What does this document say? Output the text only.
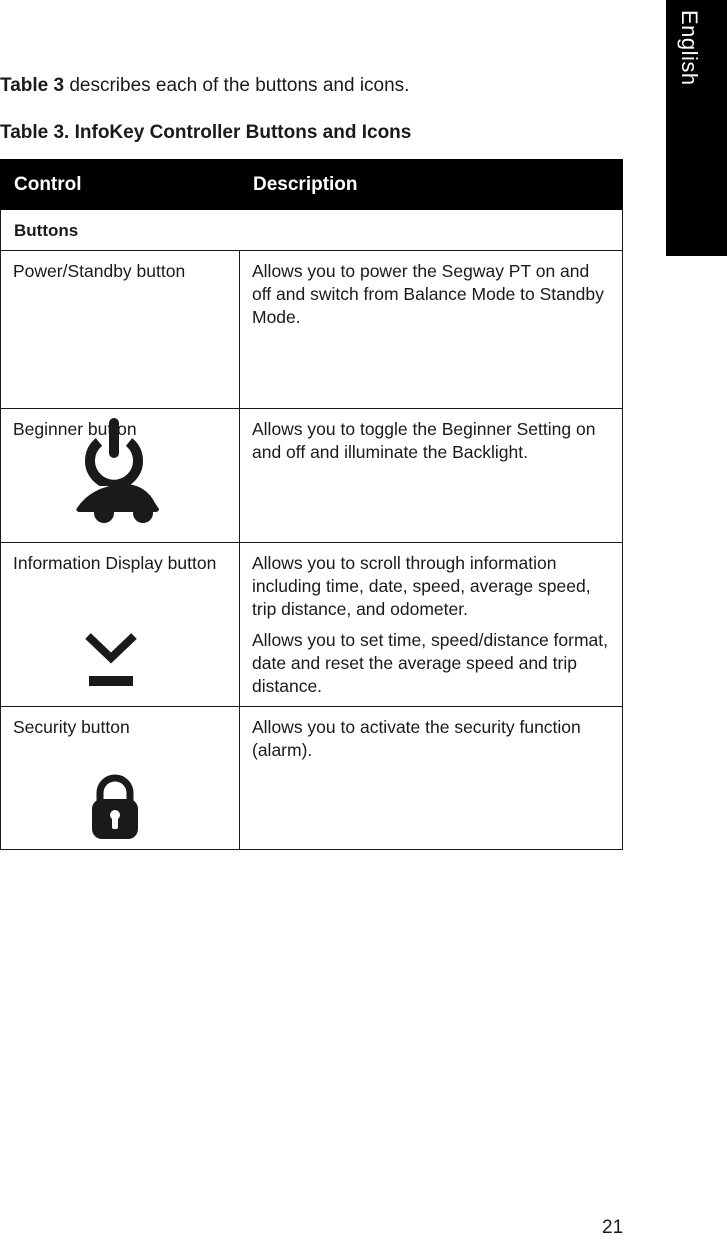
English

Table 3 describes each of the buttons and icons.

Table 3. InfoKey Controller Buttons and Icons

Control	Description
Buttons	
Power/Standby button	Allows you to power the Segway PT on and off and switch from Balance Mode to Standby Mode.

Beginner button	Allows you to toggle the Beginner Setting on and off and illuminate the Backlight.

Information Display button	Allows you to scroll through information including time, date, speed, average speed, trip distance, and odometer.

Allows you to set time, speed/distance format, date and reset the average speed and trip distance.

Security button	Allows you to activate the security function (alarm).

21
